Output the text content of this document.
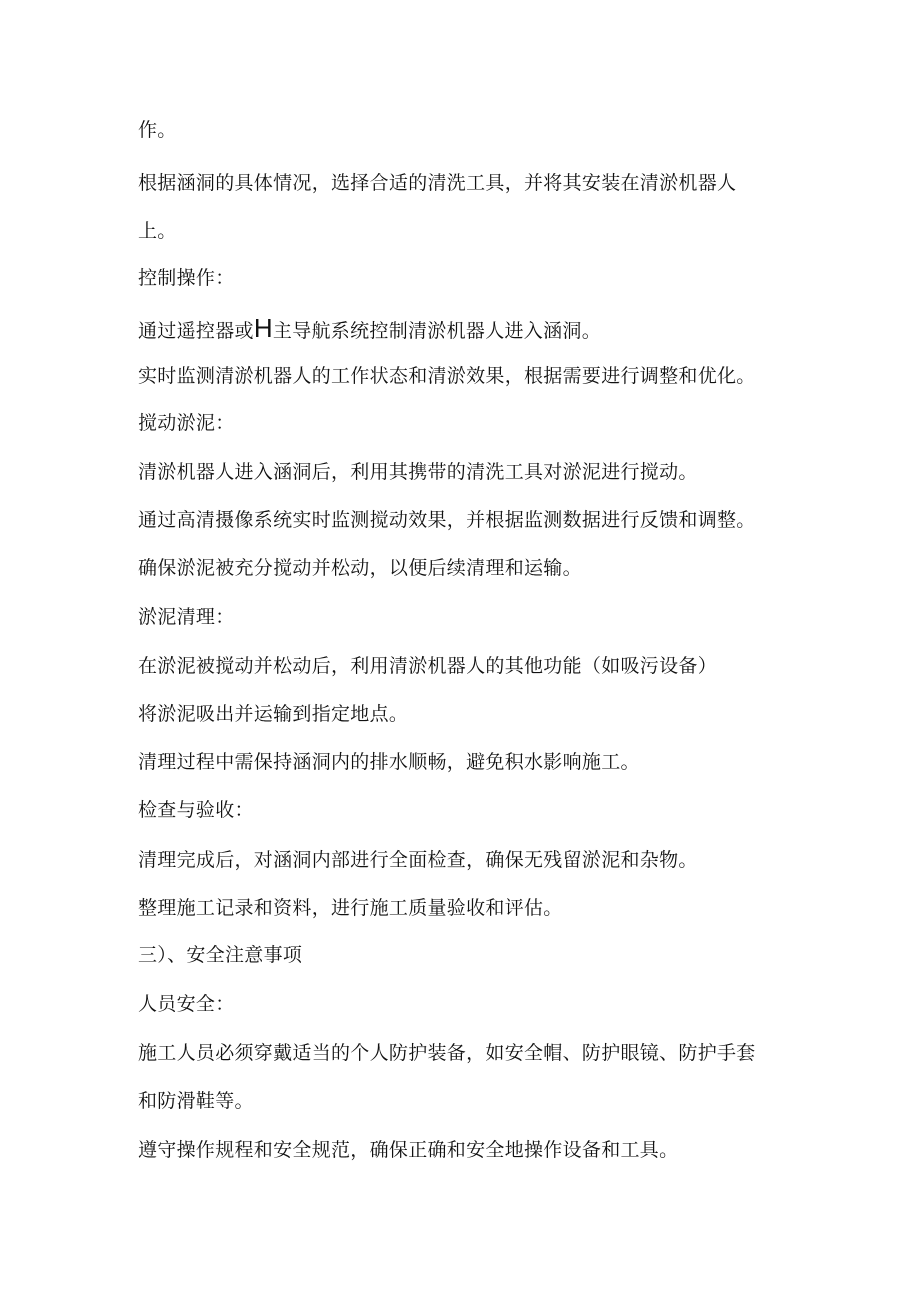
作。

根据涵洞的具体情况，选择合适的清洗工具，并将其安装在清淤机器人

上。

控制操作：

通过遥控器或H主导航系统控制清淤机器人进入涵洞。

实时监测清淤机器人的工作状态和清淤效果，根据需要进行调整和优化。

搅动淤泥：

清淤机器人进入涵洞后，利用其携带的清洗工具对淤泥进行搅动。

通过高清摄像系统实时监测搅动效果，并根据监测数据进行反馈和调整。

确保淤泥被充分搅动并松动，以便后续清理和运输。

淤泥清理：

在淤泥被搅动并松动后，利用清淤机器人的其他功能（如吸污设备）

将淤泥吸出并运输到指定地点。

清理过程中需保持涵洞内的排水顺畅，避免积水影响施工。

检查与验收：

清理完成后，对涵洞内部进行全面检查，确保无残留淤泥和杂物。

整理施工记录和资料，进行施工质量验收和评估。

三）、安全注意事项

人员安全：

施工人员必须穿戴适当的个人防护装备，如安全帽、防护眼镜、防护手套

和防滑鞋等。

遵守操作规程和安全规范，确保正确和安全地操作设备和工具。
